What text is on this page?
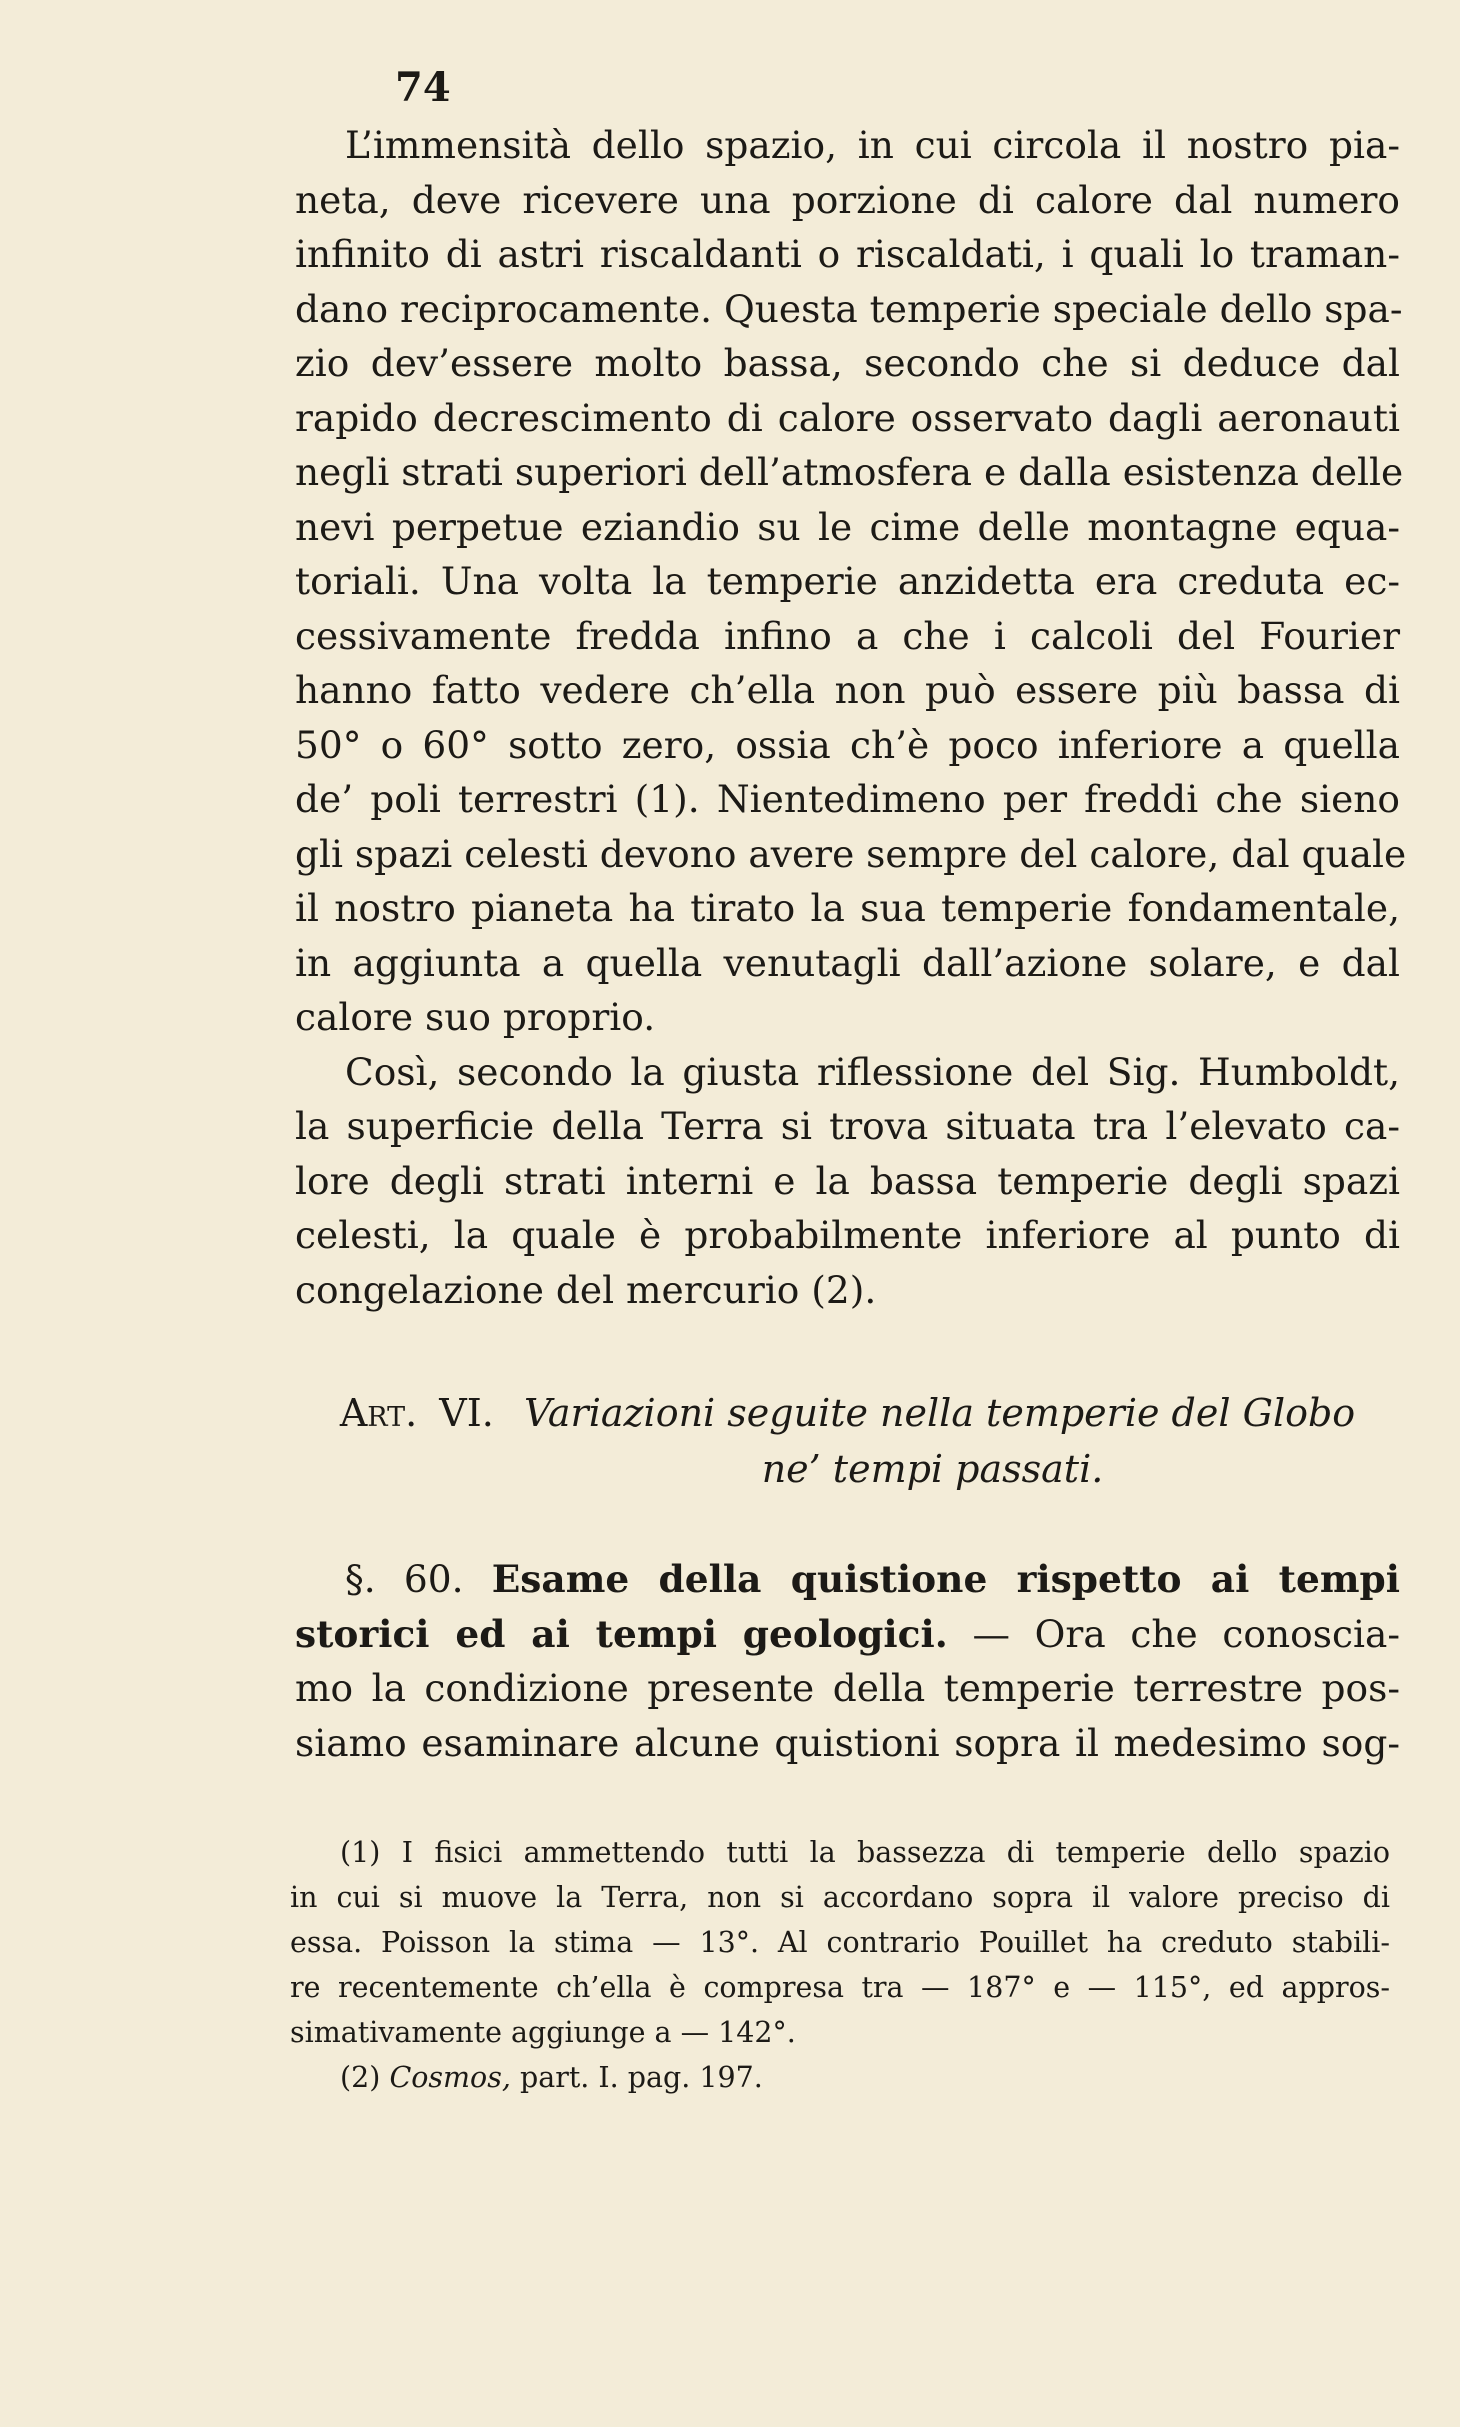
74

L’immensità dello spazio, in cui circola il nostro pia-
neta, deve ricevere una porzione di calore dal numero
infinito di astri riscaldanti o riscaldati, i quali lo traman-
dano reciprocamente. Questa temperie speciale dello spa-
zio dev’essere molto bassa, secondo che si deduce dal
rapido decrescimento di calore osservato dagli aeronauti
negli strati superiori dell’atmosfera e dalla esistenza delle
nevi perpetue eziandio su le cime delle montagne equa-
toriali. Una volta la temperie anzidetta era creduta ec-
cessivamente fredda infino a che i calcoli del Fourier
hanno fatto vedere ch’ella non può essere più bassa di
50° o 60° sotto zero, ossia ch’è poco inferiore a quella
de’ poli terrestri (1). Nientedimeno per freddi che sieno
gli spazi celesti devono avere sempre del calore, dal quale
il nostro pianeta ha tirato la sua temperie fondamentale,
in aggiunta a quella venutagli dall’azione solare, e dal
calore suo proprio.
Così, secondo la giusta riflessione del Sig. Humboldt,
la superficie della Terra si trova situata tra l’elevato ca-
lore degli strati interni e la bassa temperie degli spazi
celesti, la quale è probabilmente inferiore al punto di
congelazione del mercurio (2).
Art. VI. Variazioni seguite nella temperie del Globo
ne’ tempi passati.
§. 60. Esame della quistione rispetto ai tempi
storici ed ai tempi geologici. — Ora che conoscia-
mo la condizione presente della temperie terrestre pos-
siamo esaminare alcune quistioni sopra il medesimo sog-
(1) I fisici ammettendo tutti la bassezza di temperie dello spazio
in cui si muove la Terra, non si accordano sopra il valore preciso di
essa. Poisson la stima — 13°. Al contrario Pouillet ha creduto stabili-
re recentemente ch’ella è compresa tra — 187° e — 115°, ed appros-
simativamente aggiunge a — 142°.
(2) Cosmos, part. I. pag. 197.
